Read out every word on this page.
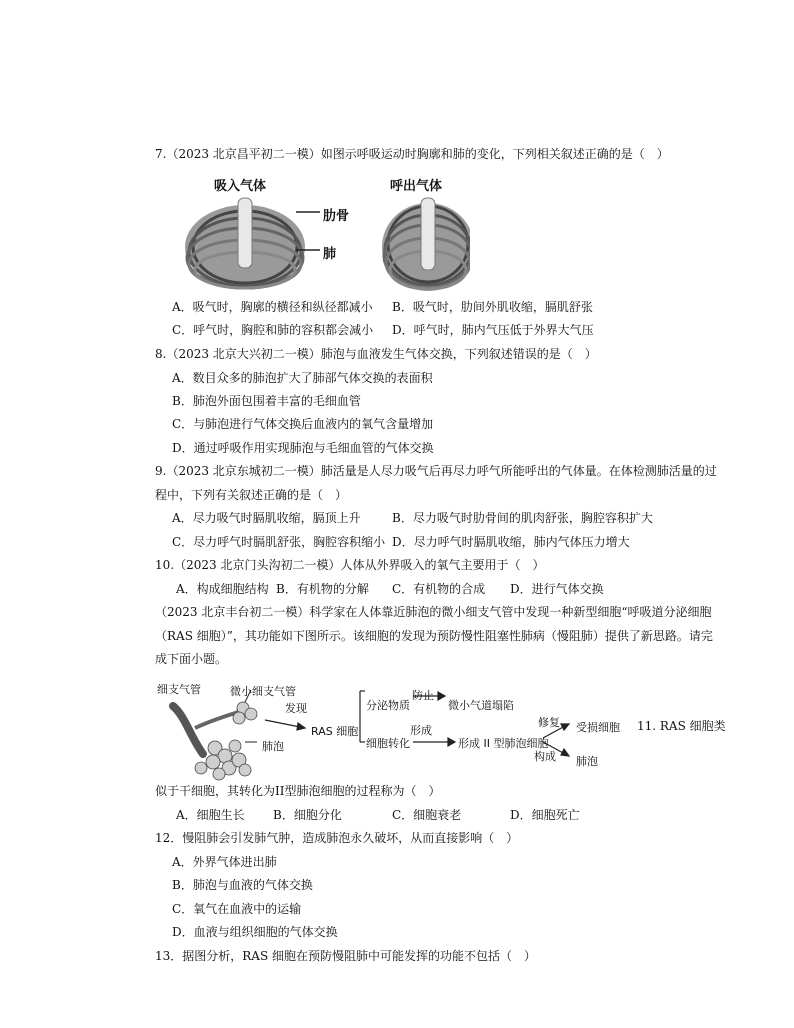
7.（2023 北京昌平初二一模）如图示呼吸运动时胸廓和肺的变化，下列相关叙述正确的是（　）
吸入气体	呼出气体
肋骨
肺
A．吸气时，胸廓的横径和纵径都减小 B．吸气时，肋间外肌收缩，膈肌舒张
C．呼气时，胸腔和肺的容积都会减小 D．呼气时，肺内气压低于外界大气压
8.（2023 北京大兴初二一模）肺泡与血液发生气体交换，下列叙述错误的是（　）
A．数目众多的肺泡扩大了肺部气体交换的表面积
B．肺泡外面包围着丰富的毛细血管
C．与肺泡进行气体交换后血液内的氧气含量增加
D．通过呼吸作用实现肺泡与毛细血管的气体交换
9.（2023 北京东城初二一模）肺活量是人尽力吸气后再尽力呼气所能呼出的气体量。在体检测肺活量的过
程中，下列有关叙述正确的是（　）
A．尽力吸气时膈肌收缩，膈顶上升	B．尽力吸气时肋骨间的肌肉舒张，胸腔容积扩大
C．尽力呼气时膈肌舒张，胸腔容积缩小 D．尽力呼气时膈肌收缩，肺内气体压力增大
10.（2023 北京门头沟初二一模）人体从外界吸入的氧气主要用于（　）
A．构成细胞结构 B．有机物的分解 C．有机物的合成 D．进行气体交换
（2023 北京丰台初二一模）科学家在人体靠近肺泡的微小细支气管中发现一种新型细胞“呼吸道分泌细胞
（RAS 细胞）”，其功能如下图所示。该细胞的发现为预防慢性阻塞性肺病（慢阻肺）提供了新思路。请完
成下面小题。
细支气管	微小细支气管
肺泡
发现
RAS 细胞
分泌物质
防止
微小气道塌陷
细胞转化
形成
形成 II 型肺泡细胞
修复 受损细胞
构成 肺泡
11. RAS 细胞类
似于干细胞，其转化为II型肺泡细胞的过程称为（　）
A．细胞生长 B．细胞分化	C．细胞衰老	D．细胞死亡
12．慢阻肺会引发肺气肿，造成肺泡永久破坏，从而直接影响（　）
A．外界气体进出肺
B．肺泡与血液的气体交换
C．氧气在血液中的运输
D．血液与组织细胞的气体交换
13．据图分析，RAS 细胞在预防慢阻肺中可能发挥的功能不包括（　）
